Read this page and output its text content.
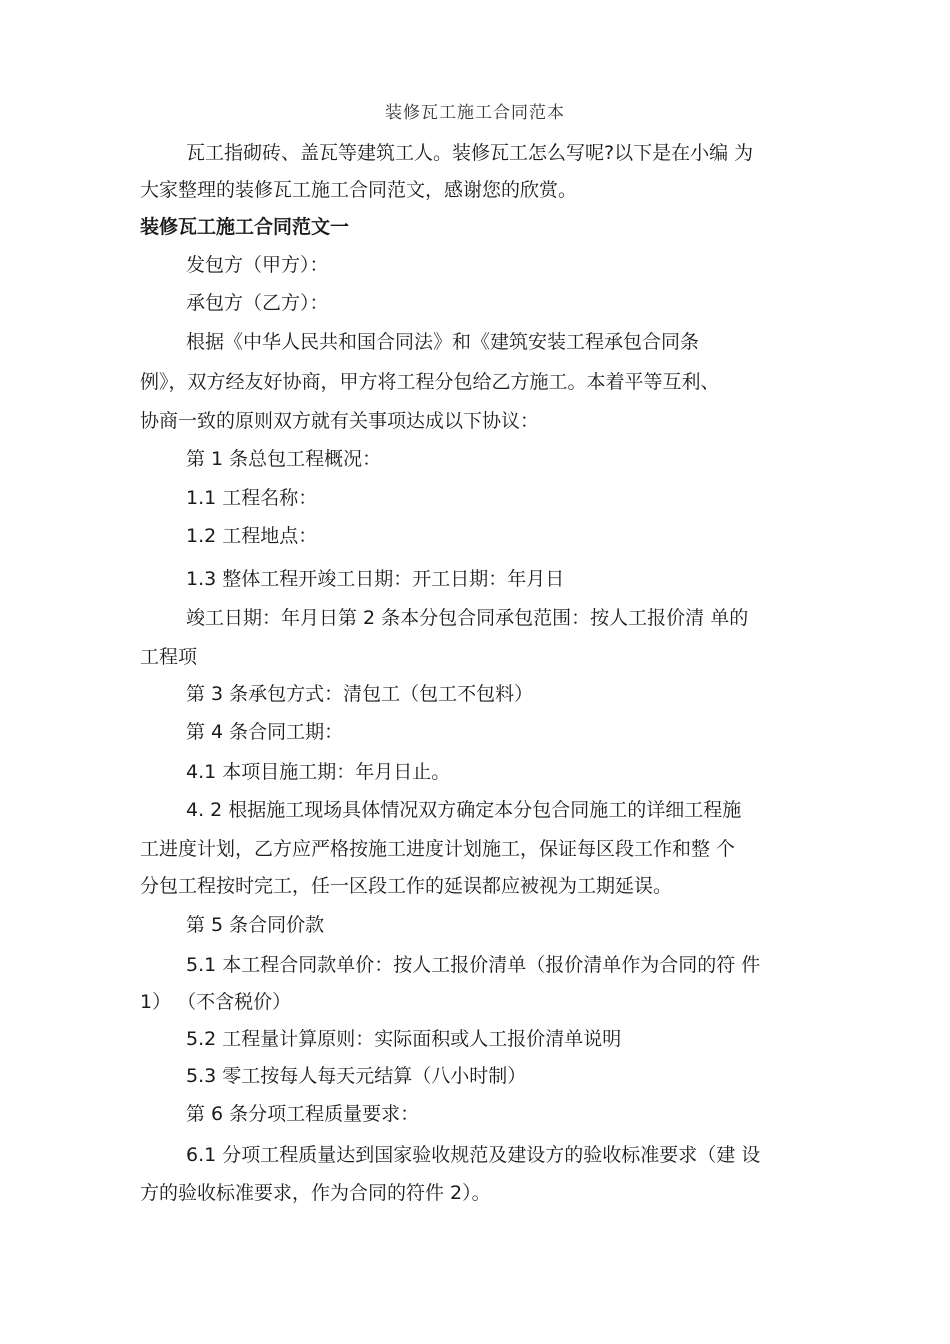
装修瓦工施工合同范本
瓦工指砌砖、盖瓦等建筑工人。装修瓦工怎么写呢?以下是在小编 为
大家整理的装修瓦工施工合同范文，感谢您的欣赏。
装修瓦工施工合同范文一
发包方（甲方）：
承包方（乙方）：
根据《中华人民共和国合同法》和《建筑安装工程承包合同条
例》，双方经友好协商，甲方将工程分包给乙方施工。本着平等互利、
协商一致的原则双方就有关事项达成以下协议：
第 1 条总包工程概况：
1.1 工程名称：
1.2 工程地点：
1.3 整体工程开竣工日期：开工日期：年月日
竣工日期：年月日第 2 条本分包合同承包范围：按人工报价清 单的
工程项
第 3 条承包方式：清包工（包工不包料）
第 4 条合同工期：
4.1 本项目施工期：年月日止。
4. 2 根据施工现场具体情况双方确定本分包合同施工的详细工程施
工进度计划，乙方应严格按施工进度计划施工，保证每区段工作和整 个
分包工程按时完工，任一区段工作的延误都应被视为工期延误。
第 5 条合同价款
5.1 本工程合同款单价：按人工报价清单（报价清单作为合同的符 件
1） （不含税价）
5.2 工程量计算原则：实际面积或人工报价清单说明
5.3 零工按每人每天元结算（八小时制）
第 6 条分项工程质量要求：
6.1 分项工程质量达到国家验收规范及建设方的验收标准要求（建 设
方的验收标准要求，作为合同的符件 2）。
